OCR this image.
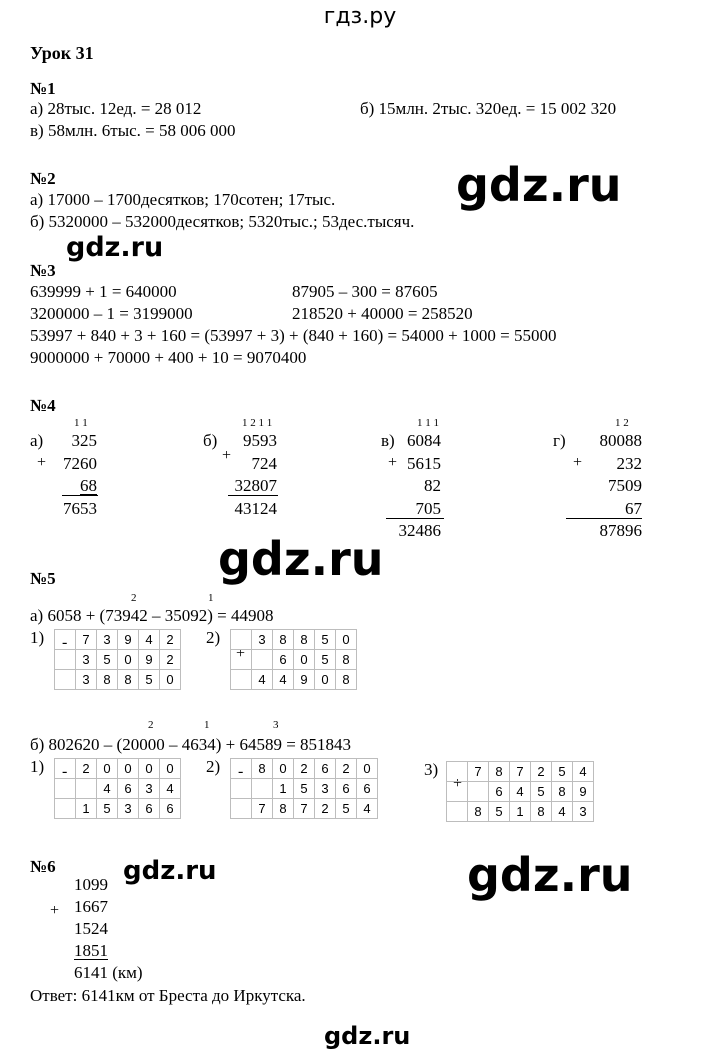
гдз.ру
gdz.ru
gdz.ru
gdz.ru
gdz.ru	gdz.ru
gdz.ru
Урок 31
№1
а) 28тыс. 12ед. = 28 012	б) 15млн. 2тыс. 320ед. = 15 002 320
в) 58млн. 6тыс. = 58 006 000
№2
а) 17000 – 1700десятков; 170сотен; 17тыс.
б) 5320000 – 532000десятков; 5320тыс.; 53дес.тысяч.
№3
639999 + 1 = 640000	87905 – 300 = 87605
3200000 – 1 = 3199000	218520 + 40000 = 258520
53997 + 840 + 3 + 160 = (53997 + 3) + (840 + 160) = 54000 + 1000 = 55000
9000000 + 70000 + 400 + 10 = 9070400
№4
1 1
а) 325
+ 7260
68
7653
1 2 1 1
б) 9593
+ 724
32807
43124
1 1 1
в) 6084
+ 5615
82
705
32486
1 2
г) 80088
+ 232
7509
67
87896
№5
2	1
а) 6058 + (73942 – 35092) = 44908
1) -
	7	3	9	4	2
	3	5	0	9	2
	3	8	8	5	0
2)
+
	3	8	8	5	0
		6	0	5	8
	4	4	9	0	8
2	1	3
б) 802620 – (20000 – 4634) + 64589 = 851843
1) -
	2	0	0	0	0
		4	6	3	4
	1	5	3	6	6
2) -
	8	0	2	6	2	0
		1	5	3	6	6
	7	8	7	2	5	4
3)
+
	7	8	7	2	5	4
		6	4	5	8	9
	8	5	1	8	4	3
№6
1099
+ 1667
1524
1851
6141 (км)
Ответ: 6141км от Бреста до Иркутска.
